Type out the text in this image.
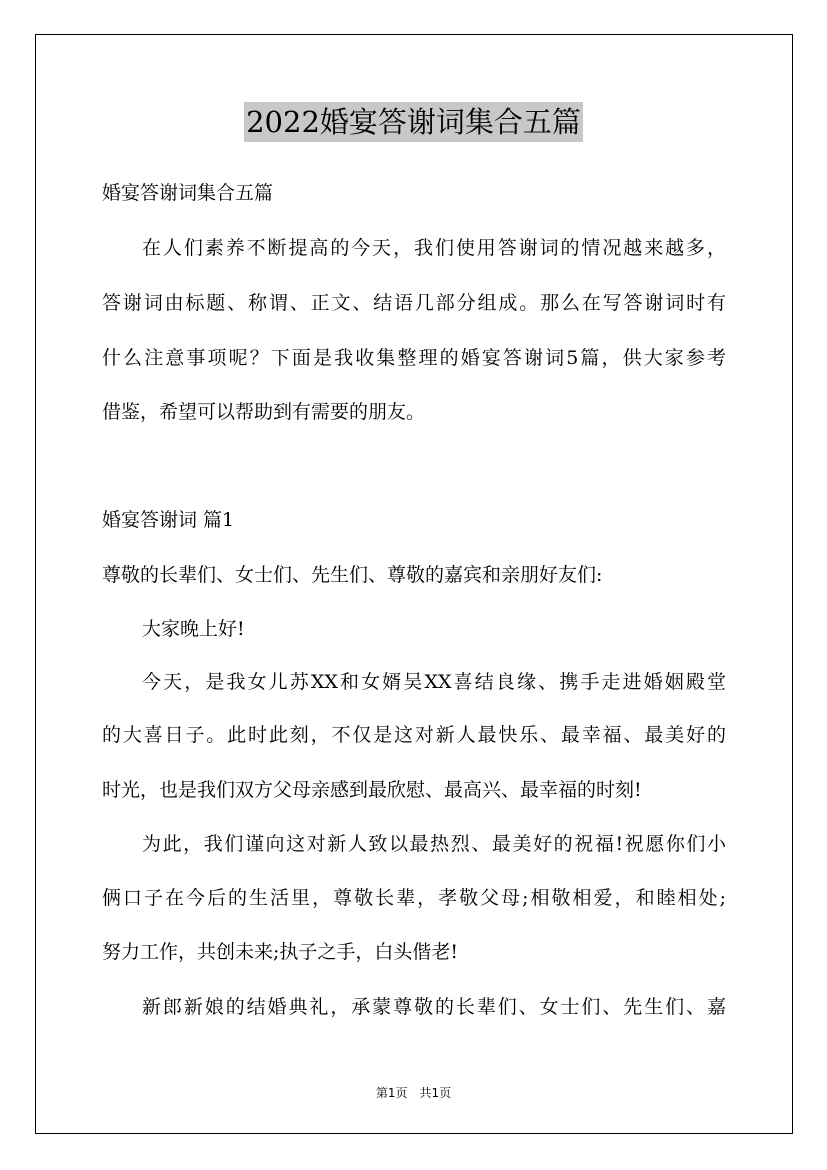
2022婚宴答谢词集合五篇
婚宴答谢词集合五篇
在人们素养不断提高的今天，我们使用答谢词的情况越来越多，
答谢词由标题、称谓、正文、结语几部分组成。那么在写答谢词时有
什么注意事项呢？下面是我收集整理的婚宴答谢词5篇，供大家参考
借鉴，希望可以帮助到有需要的朋友。
婚宴答谢词 篇1
尊敬的长辈们、女士们、先生们、尊敬的嘉宾和亲朋好友们:
大家晚上好!
今天，是我女儿苏XX和女婿吴XX喜结良缘、携手走进婚姻殿堂
的大喜日子。此时此刻，不仅是这对新人最快乐、最幸福、最美好的
时光，也是我们双方父母亲感到最欣慰、最高兴、最幸福的时刻!
为此，我们谨向这对新人致以最热烈、最美好的祝福!祝愿你们小
俩口子在今后的生活里，尊敬长辈，孝敬父母;相敬相爱，和睦相处;
努力工作，共创未来;执子之手，白头偕老!
新郎新娘的结婚典礼，承蒙尊敬的长辈们、女士们、先生们、嘉
第1页 共1页
